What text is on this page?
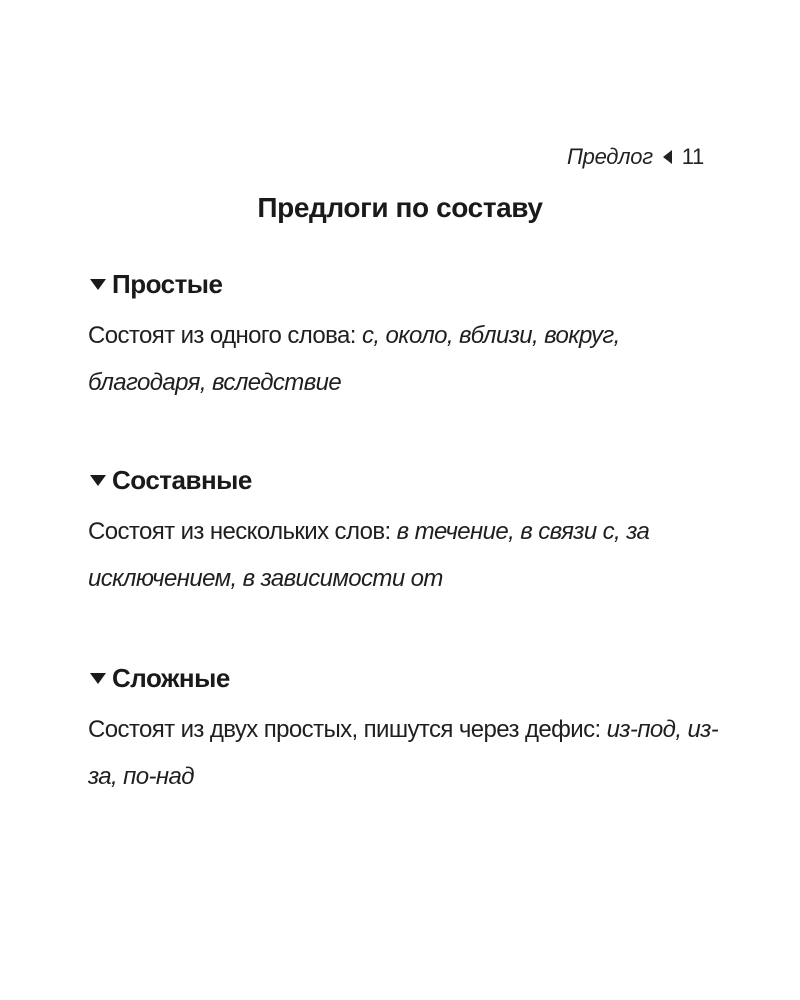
Предлог 11
Предлоги по составу
Простые
Состоят из одного слова: с, около, вблизи, вокруг, благодаря, вследствие
Составные
Состоят из нескольких слов: в течение, в связи с, за исключением, в зависимости от
Сложные
Состоят из двух простых, пишутся через дефис: из-под, из-за, по-над
